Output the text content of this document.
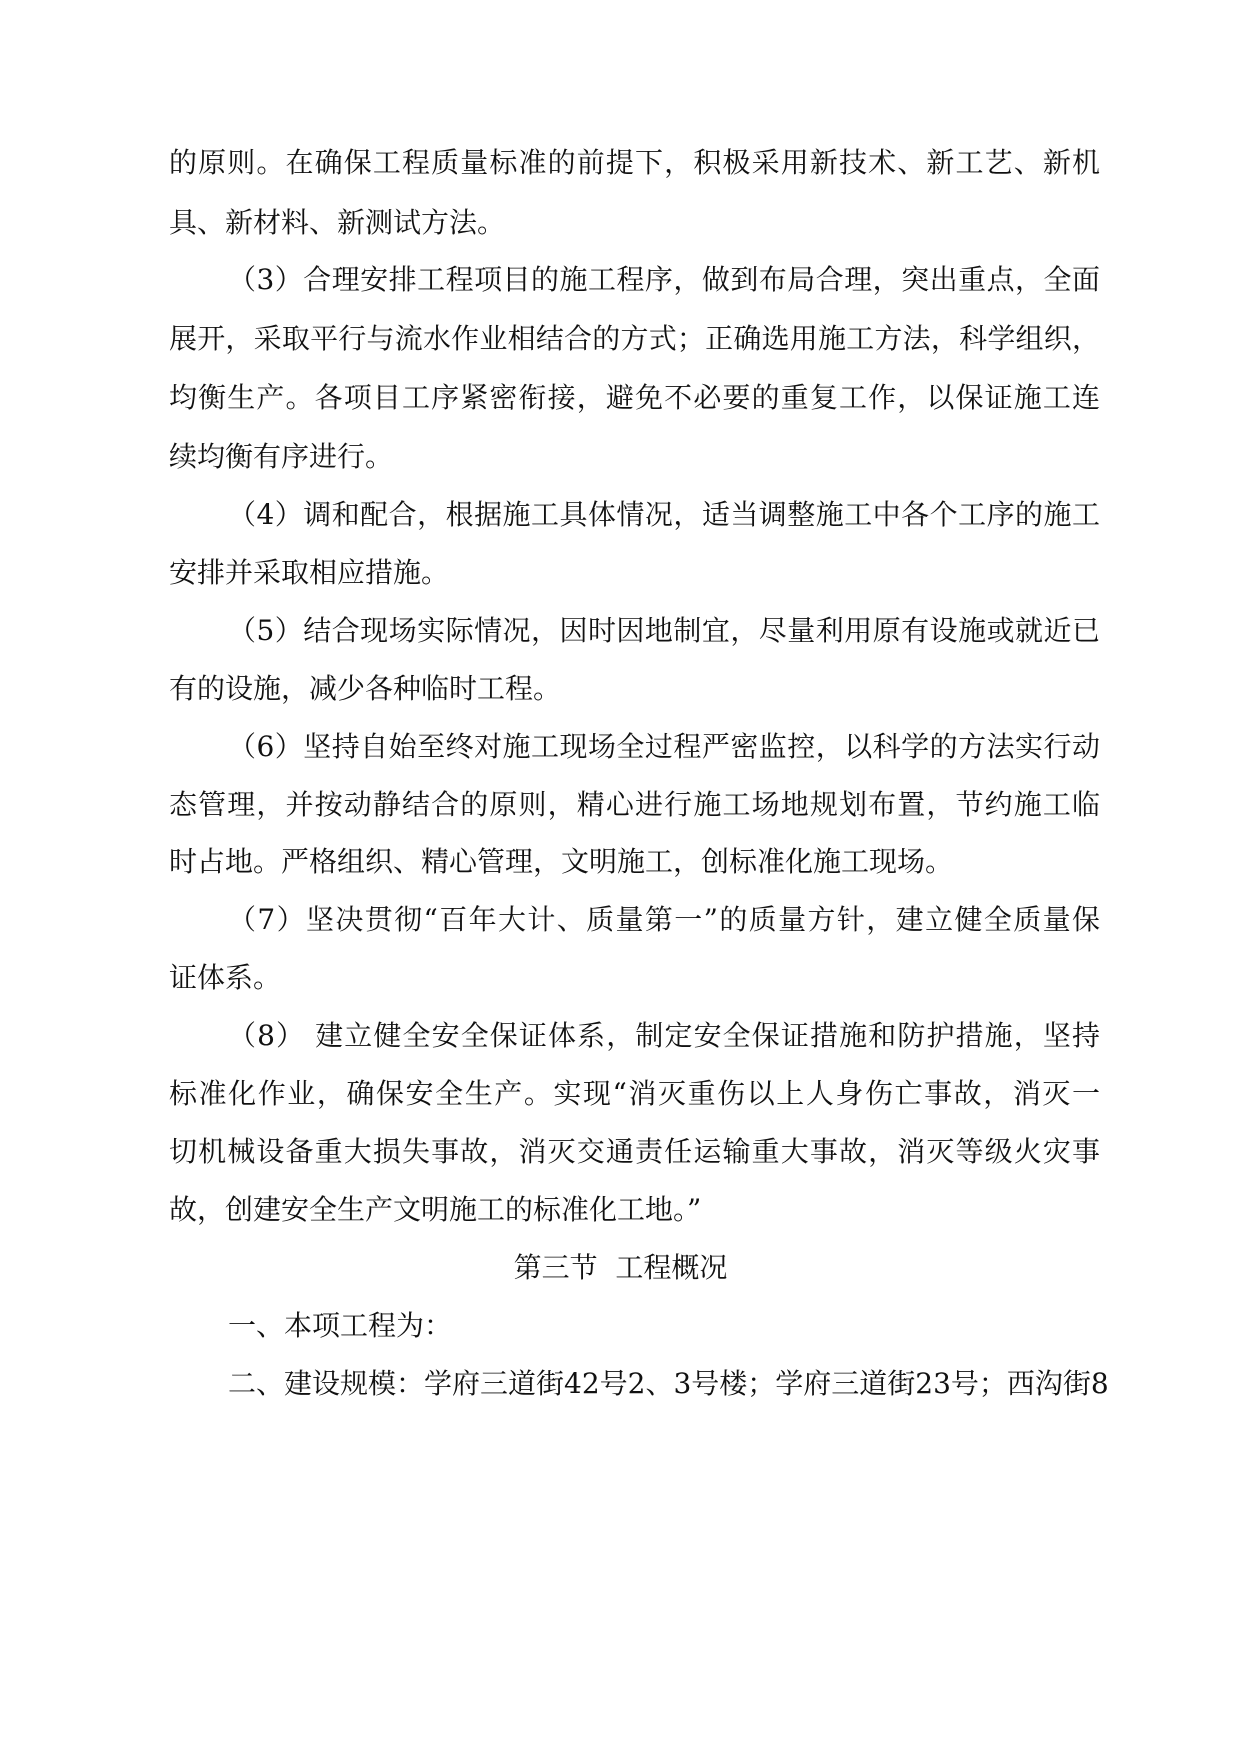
的原则。在确保工程质量标准的前提下，积极采用新技术、新工艺、新机
具、新材料、新测试方法。
（3）合理安排工程项目的施工程序，做到布局合理，突出重点，全面
展开，采取平行与流水作业相结合的方式；正确选用施工方法，科学组织，
均衡生产。各项目工序紧密衔接，避免不必要的重复工作，以保证施工连
续均衡有序进行。
（4）调和配合，根据施工具体情况，适当调整施工中各个工序的施工
安排并采取相应措施。
（5）结合现场实际情况，因时因地制宜，尽量利用原有设施或就近已
有的设施，减少各种临时工程。
（6）坚持自始至终对施工现场全过程严密监控，以科学的方法实行动
态管理，并按动静结合的原则，精心进行施工场地规划布置，节约施工临
时占地。严格组织、精心管理，文明施工，创标准化施工现场。
（7）坚决贯彻“百年大计、质量第一”的质量方针，建立健全质量保
证体系。
（8） 建立健全安全保证体系，制定安全保证措施和防护措施，坚持
标准化作业，确保安全生产。实现“消灭重伤以上人身伤亡事故，消灭一
切机械设备重大损失事故，消灭交通责任运输重大事故，消灭等级火灾事
故，创建安全生产文明施工的标准化工地。”
第三节  工程概况
一、本项工程为：
二、建设规模：学府三道街42号2、3号楼；学府三道街23号；西沟街8
